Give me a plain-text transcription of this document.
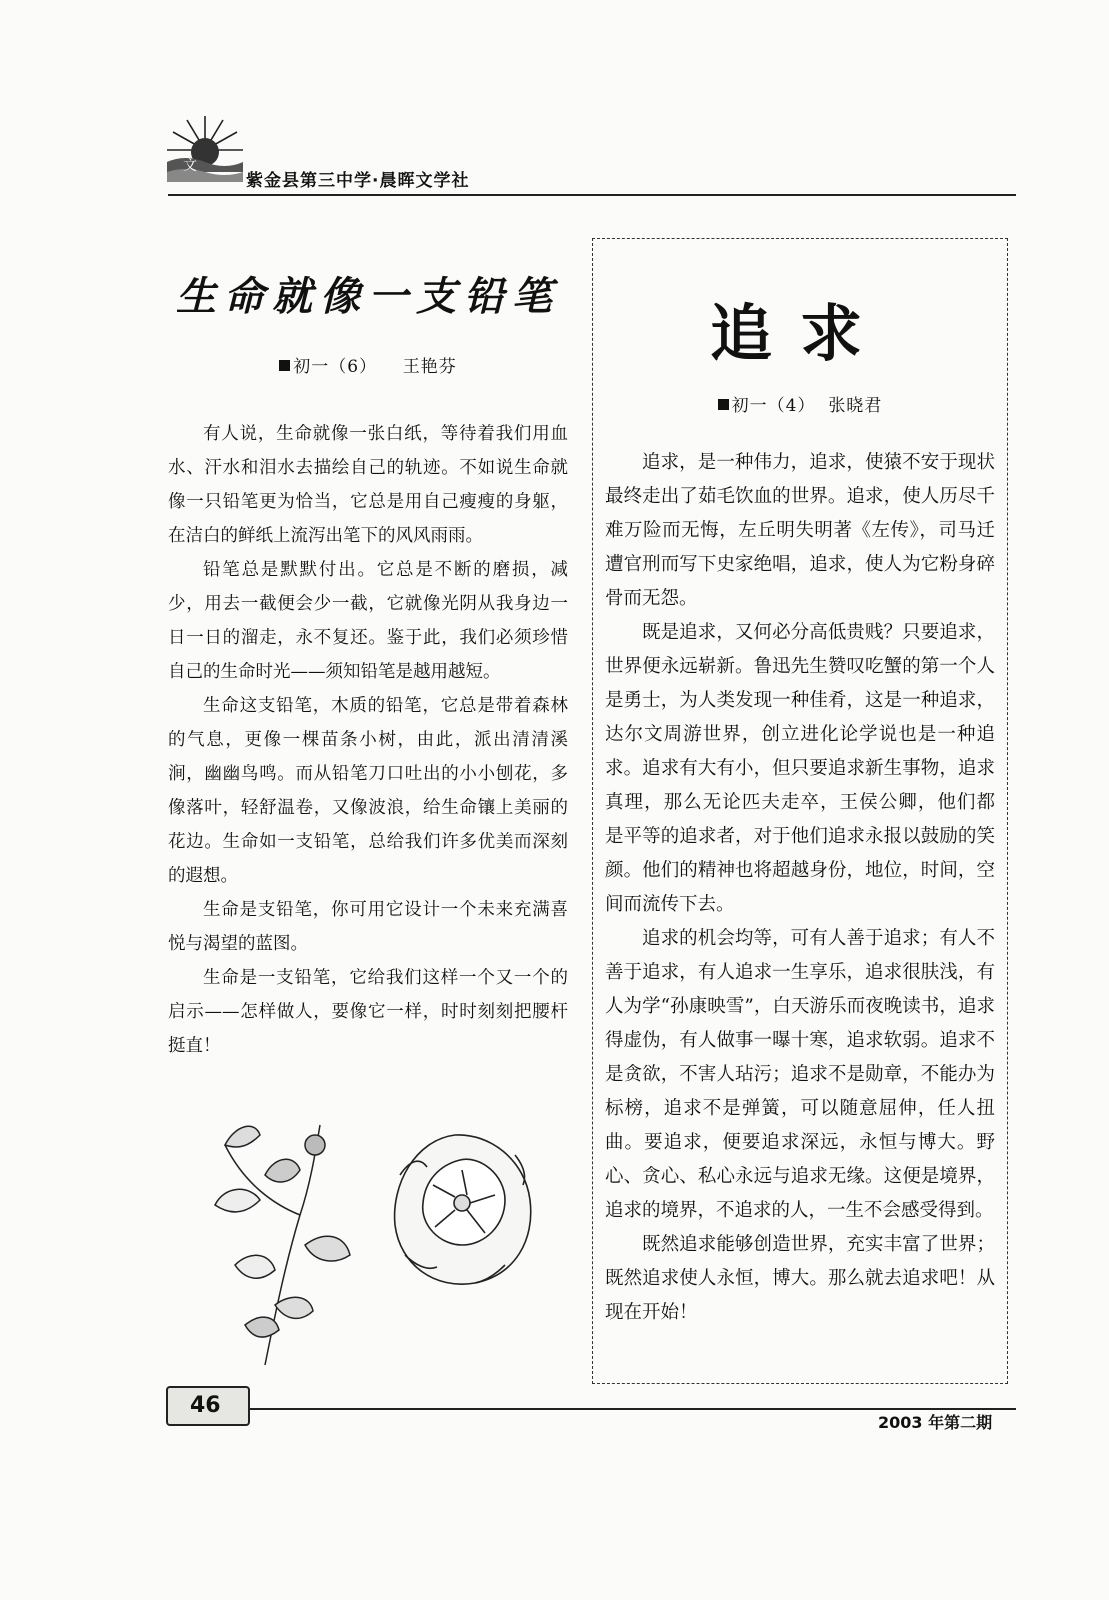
文
紫金县第三中学·晨晖文学社
生命就像一支铅笔
初一（6） 王艳芬

有人说，生命就像一张白纸，等待着我们用血水、汗水和泪水去描绘自己的轨迹。不如说生命就像一只铅笔更为恰当，它总是用自己瘦瘦的身躯，在洁白的鲜纸上流泻出笔下的风风雨雨。

铅笔总是默默付出。它总是不断的磨损，减少，用去一截便会少一截，它就像光阴从我身边一日一日的溜走，永不复还。鉴于此，我们必须珍惜自己的生命时光——须知铅笔是越用越短。

生命这支铅笔，木质的铅笔，它总是带着森林的气息，更像一棵苗条小树，由此，派出清清溪涧，幽幽鸟鸣。而从铅笔刀口吐出的小小刨花，多像落叶，轻舒温卷，又像波浪，给生命镶上美丽的花边。生命如一支铅笔，总给我们许多优美而深刻的遐想。

生命是支铅笔，你可用它设计一个未来充满喜悦与渴望的蓝图。

生命是一支铅笔，它给我们这样一个又一个的启示——怎样做人，要像它一样，时时刻刻把腰杆挺直！

追求
初一（4） 张晓君

追求，是一种伟力，追求，使猿不安于现状最终走出了茹毛饮血的世界。追求，使人历尽千难万险而无悔，左丘明失明著《左传》，司马迁遭官刑而写下史家绝唱，追求，使人为它粉身碎骨而无怨。

既是追求，又何必分高低贵贱？只要追求，世界便永远崭新。鲁迅先生赞叹吃蟹的第一个人是勇士，为人类发现一种佳肴，这是一种追求，达尔文周游世界，创立进化论学说也是一种追求。追求有大有小，但只要追求新生事物，追求真理，那么无论匹夫走卒，王侯公卿，他们都 是平等的追求者，对于他们追求永报以鼓励的笑颜。他们的精神也将超越身份，地位，时间，空间而流传下去。

追求的机会均等，可有人善于追求；有人不善于追求，有人追求一生享乐，追求很肤浅，有人为学“孙康映雪”，白天游乐而夜晚读书，追求得虚伪，有人做事一曝十寒，追求软弱。追求不是贪欲，不害人玷污；追求不是勋章，不能办为标榜，追求不是弹簧，可以随意屈伸，任人扭曲。要追求，便要追求深远，永恒与博大。野心、贪心、私心永远与追求无缘。这便是境界，追求的境界，不追求的人，一生不会感受得到。

既然追求能够创造世界，充实丰富了世界；既然追求使人永恒，博大。那么就去追求吧！从现在开始！

46
2003 年第二期
